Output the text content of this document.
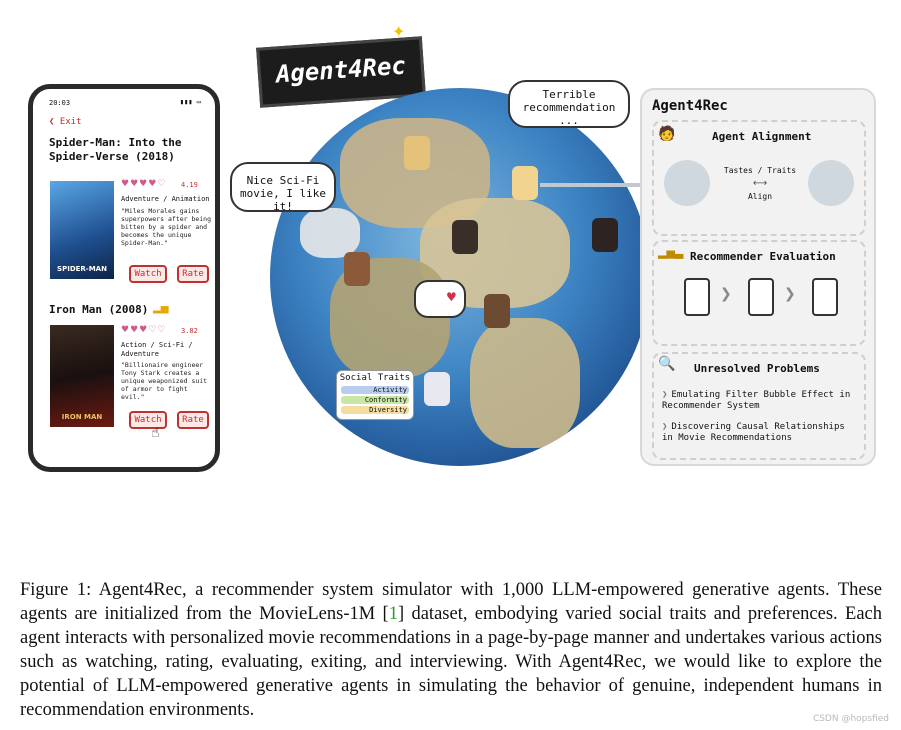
Agent4Rec
✦
20:03	▮▮▮ ▭
❮ Exit
Spider-Man: Into the Spider-Verse (2018)
SPIDER-MAN
♥♥♥♥♡ 4.19
Adventure / Animation
"Miles Morales gains superpowers after being bitten by a spider and becomes the unique Spider-Man."
Watch	Rate
Iron Man (2008) ▂▅
IRON MAN
♥♥♥♡♡ 3.82
Action / Sci-Fi / Adventure
"Billionaire engineer Tony Stark creates a unique weaponized suit of armor to fight evil."
Watch	Rate
☝
♥
Nice Sci-Fi movie, I like it!
Terrible recommendation ...
Social Traits
Activity
Conformity
Diversity
Agent4Rec
🧑	Agent Alignment
Tastes / Traits
⟷
Align
▂▅▃ Recommender Evaluation
❯	❯
🔍 Unresolved Problems
❯ Emulating Filter Bubble Effect in Recommender System
❯ Discovering Causal Relationships in Movie Recommendations
Figure 1: Agent4Rec, a recommender system simulator with 1,000 LLM-empowered generative agents. These agents are initialized from the MovieLens-1M [1] dataset, embodying varied social traits and preferences. Each agent interacts with personalized movie recommendations in a page-by-page manner and undertakes various actions such as watching, rating, evaluating, exiting, and interviewing. With Agent4Rec, we would like to explore the potential of LLM-empowered generative agents in simulating the behavior of genuine, independent humans in recommendation environments.	CSDN @hopsfied
